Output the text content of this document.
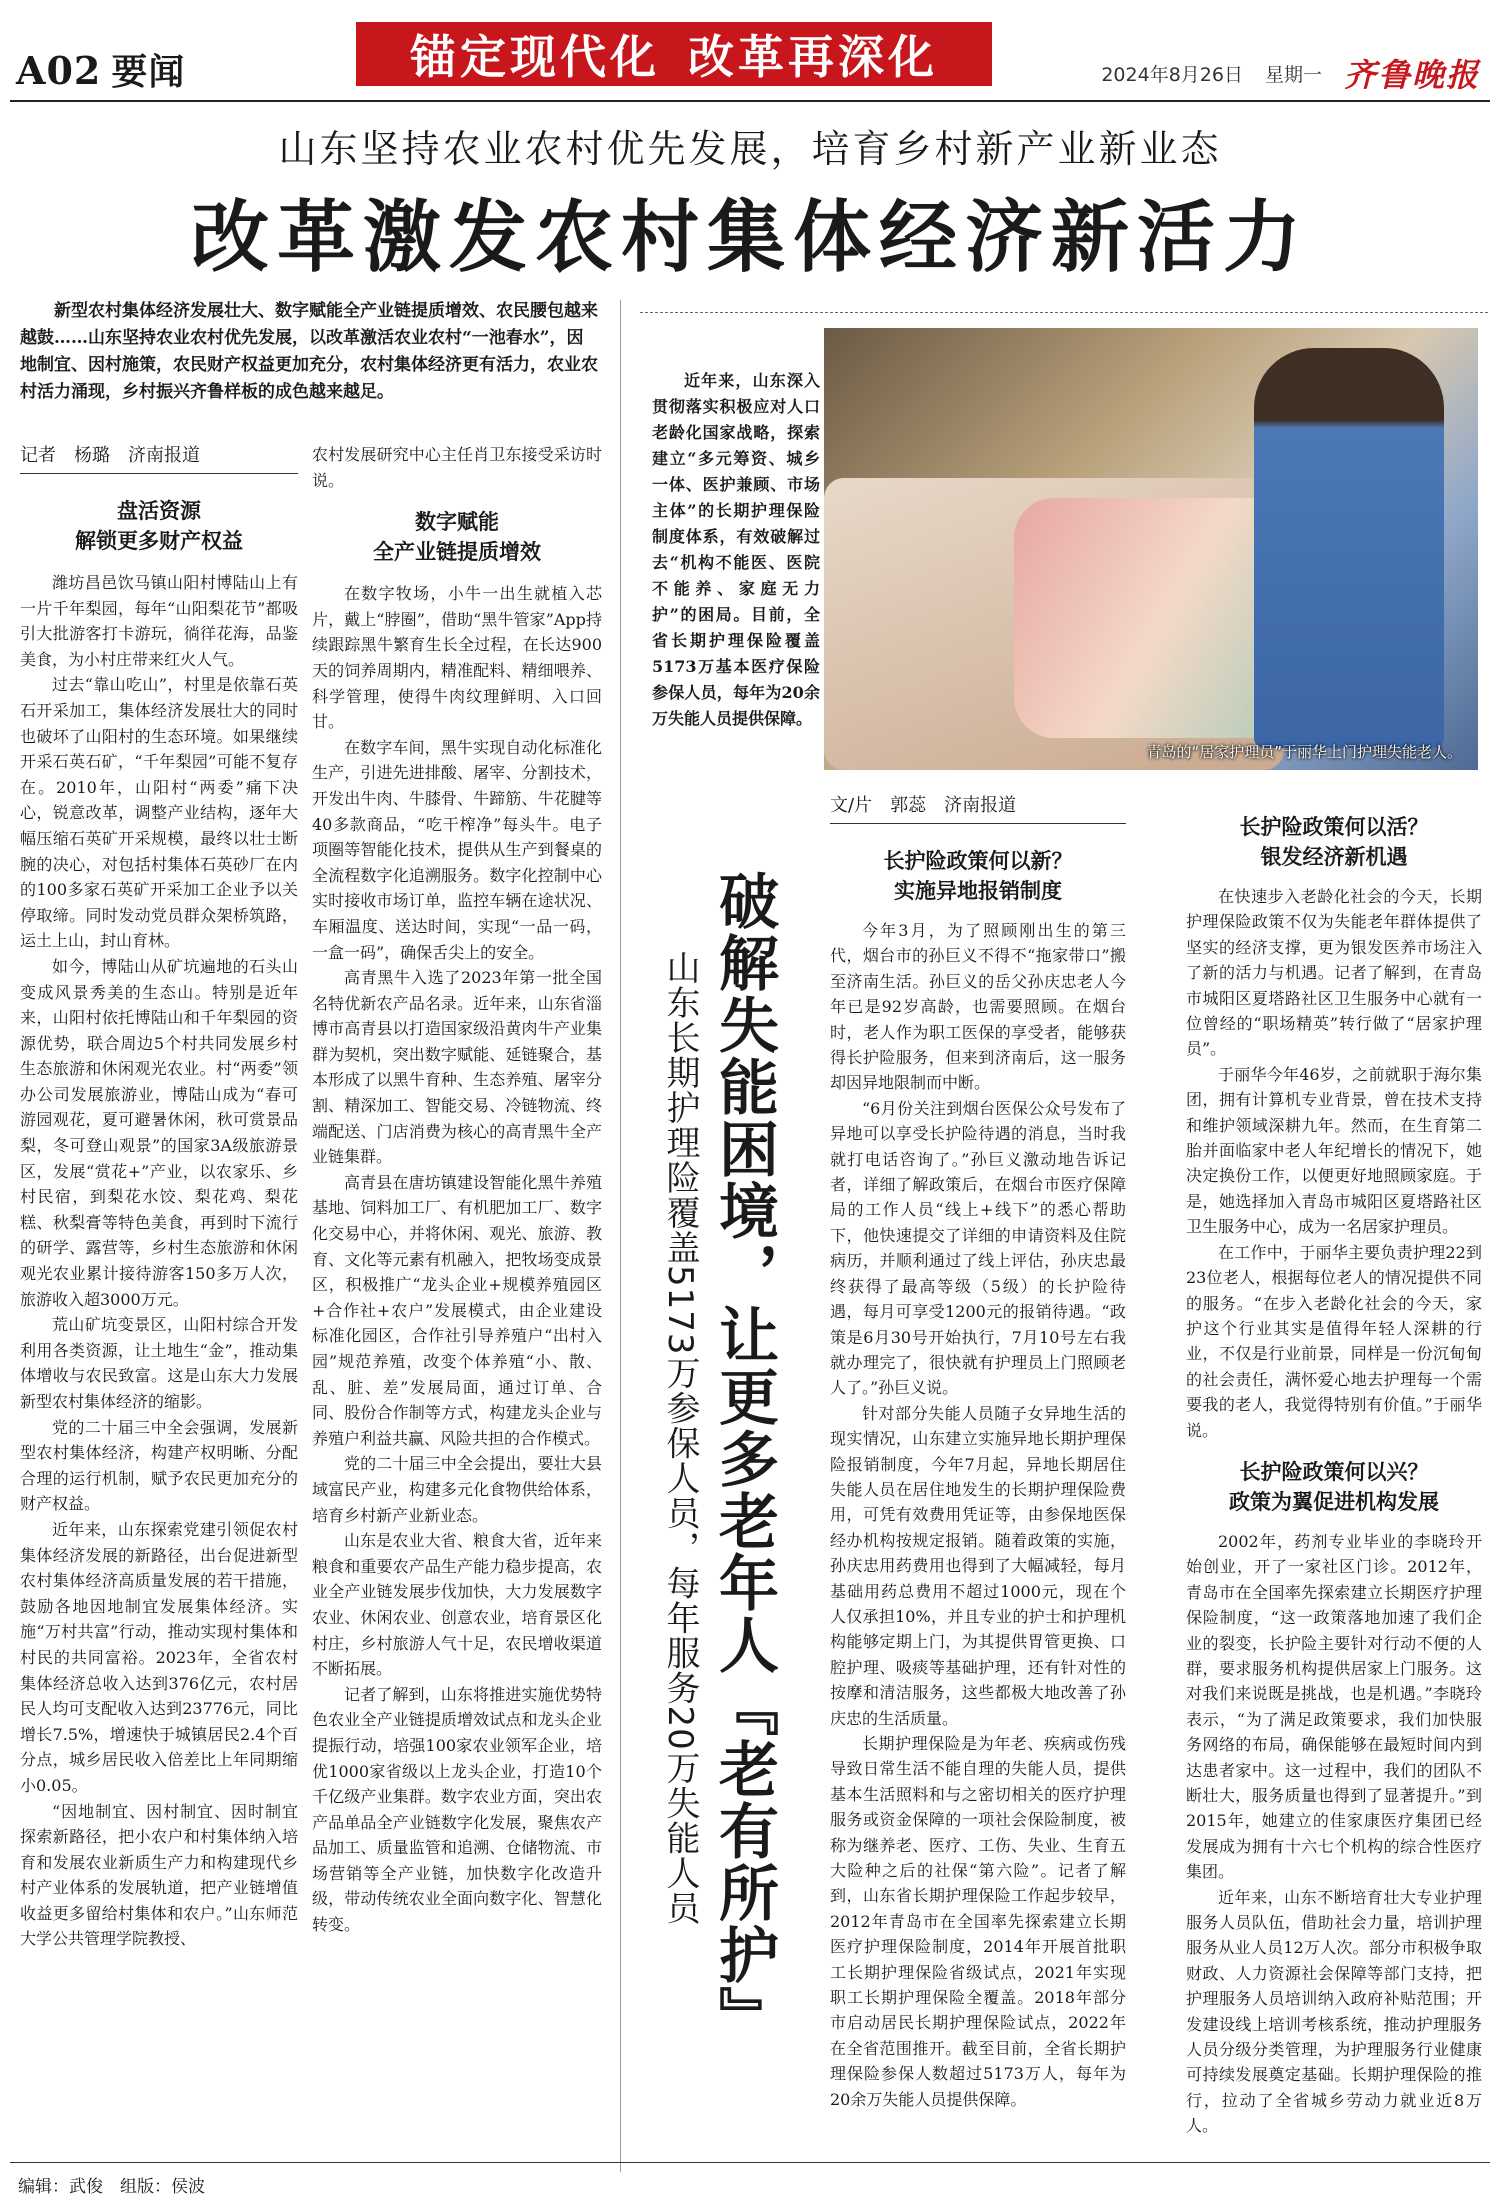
A02 要闻	锚定现代化 改革再深化	2024年8月26日 星期一 齐鲁晚报
山东坚持农业农村优先发展，培育乡村新产业新业态
改革激发农村集体经济新活力

新型农村集体经济发展壮大、数字赋能全产业链提质增效、农民腰包越来越鼓……山东坚持农业农村优先发展，以改革激活农业农村“一池春水”，因地制宜、因村施策，农民财产权益更加充分，农村集体经济更有活力，农业农村活力涌现，乡村振兴齐鲁样板的成色越来越足。

记者　杨璐　济南报道
盘活资源
解锁更多财产权益

潍坊昌邑饮马镇山阳村博陆山上有一片千年梨园，每年“山阳梨花节”都吸引大批游客打卡游玩，徜徉花海，品鉴美食，为小村庄带来红火人气。

过去“靠山吃山”，村里是依靠石英石开采加工，集体经济发展壮大的同时也破坏了山阳村的生态环境。如果继续开采石英石矿，“千年梨园”可能不复存在。2010年，山阳村“两委”痛下决心，锐意改革，调整产业结构，逐年大幅压缩石英矿开采规模，最终以壮士断腕的决心，对包括村集体石英砂厂在内的100多家石英矿开采加工企业予以关停取缔。同时发动党员群众架桥筑路，运土上山，封山育林。

如今，博陆山从矿坑遍地的石头山变成风景秀美的生态山。特别是近年来，山阳村依托博陆山和千年梨园的资源优势，联合周边5个村共同发展乡村生态旅游和休闲观光农业。村“两委”领办公司发展旅游业，博陆山成为“春可游园观花，夏可避暑休闲，秋可赏景品梨，冬可登山观景”的国家3A级旅游景区，发展“赏花+”产业，以农家乐、乡村民宿，到梨花水饺、梨花鸡、梨花糕、秋梨膏等特色美食，再到时下流行的研学、露营等，乡村生态旅游和休闲观光农业累计接待游客150多万人次，旅游收入超3000万元。

荒山矿坑变景区，山阳村综合开发利用各类资源，让土地生“金”，推动集体增收与农民致富。这是山东大力发展新型农村集体经济的缩影。

党的二十届三中全会强调，发展新型农村集体经济，构建产权明晰、分配合理的运行机制，赋予农民更加充分的财产权益。

近年来，山东探索党建引领促农村集体经济发展的新路径，出台促进新型农村集体经济高质量发展的若干措施，鼓励各地因地制宜发展集体经济。实施“万村共富”行动，推动实现村集体和村民的共同富裕。2023年，全省农村集体经济总收入达到376亿元，农村居民人均可支配收入达到23776元，同比增长7.5%，增速快于城镇居民2.4个百分点，城乡居民收入倍差比上年同期缩小0.05。

“因地制宜、因村制宜、因时制宜探索新路径，把小农户和村集体纳入培育和发展农业新质生产力和构建现代乡村产业体系的发展轨道，把产业链增值收益更多留给村集体和农户。”山东师范大学公共管理学院教授、

农村发展研究中心主任肖卫东接受采访时说。
数字赋能
全产业链提质增效

在数字牧场，小牛一出生就植入芯片，戴上“脖圈”，借助“黑牛管家”App持续跟踪黑牛繁育生长全过程，在长达900天的饲养周期内，精准配料、精细喂养、科学管理，使得牛肉纹理鲜明、入口回甘。

在数字车间，黑牛实现自动化标准化生产，引进先进排酸、屠宰、分割技术，开发出牛肉、牛膝骨、牛蹄筋、牛花腱等40多款商品，“吃干榨净”每头牛。电子项圈等智能化技术，提供从生产到餐桌的全流程数字化追溯服务。数字化控制中心实时接收市场订单，监控车辆在途状况、车厢温度、送达时间，实现“一品一码，一盒一码”，确保舌尖上的安全。

高青黑牛入选了2023年第一批全国名特优新农产品名录。近年来，山东省淄博市高青县以打造国家级沿黄肉牛产业集群为契机，突出数字赋能、延链聚合，基本形成了以黑牛育种、生态养殖、屠宰分割、精深加工、智能交易、冷链物流、终端配送、门店消费为核心的高青黑牛全产业链集群。

高青县在唐坊镇建设智能化黑牛养殖基地、饲料加工厂、有机肥加工厂、数字化交易中心，并将休闲、观光、旅游、教育、文化等元素有机融入，把牧场变成景区，积极推广“龙头企业+规模养殖园区+合作社+农户”发展模式，由企业建设标准化园区，合作社引导养殖户“出村入园”规范养殖，改变个体养殖“小、散、乱、脏、差”发展局面，通过订单、合同、股份合作制等方式，构建龙头企业与养殖户利益共赢、风险共担的合作模式。

党的二十届三中全会提出，要壮大县域富民产业，构建多元化食物供给体系，培育乡村新产业新业态。

山东是农业大省、粮食大省，近年来粮食和重要农产品生产能力稳步提高，农业全产业链发展步伐加快，大力发展数字农业、休闲农业、创意农业，培育景区化村庄，乡村旅游人气十足，农民增收渠道不断拓展。

记者了解到，山东将推进实施优势特色农业全产业链提质增效试点和龙头企业提振行动，培强100家农业领军企业，培优1000家省级以上龙头企业，打造10个千亿级产业集群。数字农业方面，突出农产品单品全产业链数字化发展，聚焦农产品加工、质量监管和追溯、仓储物流、市场营销等全产业链，加快数字化改造升级，带动传统农业全面向数字化、智慧化转变。

近年来，山东深入贯彻落实积极应对人口老龄化国家战略，探索建立“多元筹资、城乡一体、医护兼顾、市场主体”的长期护理保险制度体系，有效破解过去“机构不能医、医院不能养、家庭无力护”的困局。目前，全省长期护理保险覆盖5173万基本医疗保险参保人员，每年为20余万失能人员提供保障。

青岛的“居家护理员”于丽华上门护理失能老人。
破解失能困境，让更多老年人『老有所护』
山东长期护理险覆盖5173万参保人员，每年服务20万失能人员
文/片　郭蕊　济南报道
长护险政策何以新？
实施异地报销制度

今年3月，为了照顾刚出生的第三代，烟台市的孙巨义不得不“拖家带口”搬至济南生活。孙巨义的岳父孙庆忠老人今年已是92岁高龄，也需要照顾。在烟台时，老人作为职工医保的享受者，能够获得长护险服务，但来到济南后，这一服务却因异地限制而中断。

“6月份关注到烟台医保公众号发布了异地可以享受长护险待遇的消息，当时我就打电话咨询了。”孙巨义激动地告诉记者，详细了解政策后，在烟台市医疗保障局的工作人员“线上+线下”的悉心帮助下，他快速提交了详细的申请资料及住院病历，并顺利通过了线上评估，孙庆忠最终获得了最高等级（5级）的长护险待遇，每月可享受1200元的报销待遇。“政策是6月30号开始执行，7月10号左右我就办理完了，很快就有护理员上门照顾老人了。”孙巨义说。

针对部分失能人员随子女异地生活的现实情况，山东建立实施异地长期护理保险报销制度，今年7月起，异地长期居住失能人员在居住地发生的长期护理保险费用，可凭有效费用凭证等，由参保地医保经办机构按规定报销。随着政策的实施，孙庆忠用药费用也得到了大幅减轻，每月基础用药总费用不超过1000元，现在个人仅承担10%，并且专业的护士和护理机构能够定期上门，为其提供胃管更换、口腔护理、吸痰等基础护理，还有针对性的按摩和清洁服务，这些都极大地改善了孙庆忠的生活质量。

长期护理保险是为年老、疾病或伤残导致日常生活不能自理的失能人员，提供基本生活照料和与之密切相关的医疗护理服务或资金保障的一项社会保险制度，被称为继养老、医疗、工伤、失业、生育五大险种之后的社保“第六险”。记者了解到，山东省长期护理保险工作起步较早，2012年青岛市在全国率先探索建立长期医疗护理保险制度，2014年开展首批职工长期护理保险省级试点，2021年实现职工长期护理保险全覆盖。2018年部分市启动居民长期护理保险试点，2022年在全省范围推开。截至目前，全省长期护理保险参保人数超过5173万人，每年为20余万失能人员提供保障。

长护险政策何以活？
银发经济新机遇

在快速步入老龄化社会的今天，长期护理保险政策不仅为失能老年群体提供了坚实的经济支撑，更为银发医养市场注入了新的活力与机遇。记者了解到，在青岛市城阳区夏塔路社区卫生服务中心就有一位曾经的“职场精英”转行做了“居家护理员”。

于丽华今年46岁，之前就职于海尔集团，拥有计算机专业背景，曾在技术支持和维护领域深耕九年。然而，在生育第二胎并面临家中老人年纪增长的情况下，她决定换份工作，以便更好地照顾家庭。于是，她选择加入青岛市城阳区夏塔路社区卫生服务中心，成为一名居家护理员。

在工作中，于丽华主要负责护理22到23位老人，根据每位老人的情况提供不同的服务。“在步入老龄化社会的今天，家护这个行业其实是值得年轻人深耕的行业，不仅是行业前景，同样是一份沉甸甸的社会责任，满怀爱心地去护理每一个需要我的老人，我觉得特别有价值。”于丽华说。

长护险政策何以兴？
政策为翼促进机构发展

2002年，药剂专业毕业的李晓玲开始创业，开了一家社区门诊。2012年，青岛市在全国率先探索建立长期医疗护理保险制度，“这一政策落地加速了我们企业的裂变，长护险主要针对行动不便的人群，要求服务机构提供居家上门服务。这对我们来说既是挑战，也是机遇。”李晓玲表示，“为了满足政策要求，我们加快服务网络的布局，确保能够在最短时间内到达患者家中。这一过程中，我们的团队不断壮大，服务质量也得到了显著提升。”到2015年，她建立的佳家康医疗集团已经发展成为拥有十六七个机构的综合性医疗集团。

近年来，山东不断培育壮大专业护理服务人员队伍，借助社会力量，培训护理服务从业人员12万人次。部分市积极争取财政、人力资源社会保障等部门支持，把护理服务人员培训纳入政府补贴范围；开发建设线上培训考核系统，推动护理服务人员分级分类管理，为护理服务行业健康可持续发展奠定基础。长期护理保险的推行，拉动了全省城乡劳动力就业近8万人。

编辑：武俊　组版：侯波
